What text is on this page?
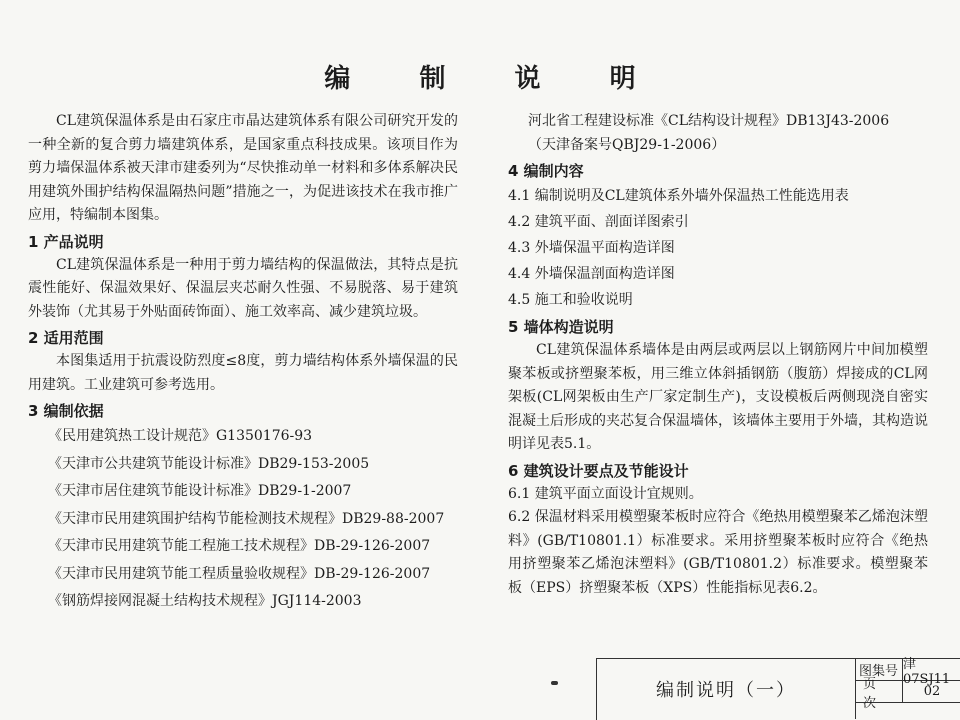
编 制 说 明

CL建筑保温体系是由石家庄市晶达建筑体系有限公司研究开发的一种全新的复合剪力墙建筑体系，是国家重点科技成果。该项目作为剪力墙保温体系被天津市建委列为“尽快推动单一材料和多体系解决民用建筑外围护结构保温隔热问题”措施之一，为促进该技术在我市推广应用，特编制本图集。

1 产品说明

CL建筑保温体系是一种用于剪力墙结构的保温做法，其特点是抗震性能好、保温效果好、保温层夹芯耐久性强、不易脱落、易于建筑外装饰（尤其易于外贴面砖饰面）、施工效率高、减少建筑垃圾。

2 适用范围

本图集适用于抗震设防烈度≤8度，剪力墙结构体系外墙保温的民用建筑。工业建筑可参考选用。

3 编制依据
《民用建筑热工设计规范》G1350176-93
《天津市公共建筑节能设计标准》DB29-153-2005
《天津市居住建筑节能设计标准》DB29-1-2007
《天津市民用建筑围护结构节能检测技术规程》DB29-88-2007
《天津市民用建筑节能工程施工技术规程》DB-29-126-2007
《天津市民用建筑节能工程质量验收规程》DB-29-126-2007
《钢筋焊接网混凝土结构技术规程》JGJ114-2003
河北省工程建设标准《CL结构设计规程》DB13J43-2006
（天津备案号QBJ29-1-2006）
4 编制内容
4.1 编制说明及CL建筑体系外墙外保温热工性能选用表
4.2 建筑平面、剖面详图索引
4.3 外墙保温平面构造详图
4.4 外墙保温剖面构造详图
4.5 施工和验收说明
5 墙体构造说明

CL建筑保温体系墙体是由两层或两层以上钢筋网片中间加模塑聚苯板或挤塑聚苯板，用三维立体斜插钢筋（腹筋）焊接成的CL网架板(CL网架板由生产厂家定制生产)，支设模板后两侧现浇自密实混凝土后形成的夹芯复合保温墙体，该墙体主要用于外墙，其构造说明详见表5.1。

6 建筑设计要点及节能设计

6.1 建筑平面立面设计宜规则。

6.2 保温材料采用模塑聚苯板时应符合《绝热用模塑聚苯乙烯泡沫塑料》(GB/T10801.1）标准要求。采用挤塑聚苯板时应符合《绝热用挤塑聚苯乙烯泡沫塑料》(GB/T10801.2）标准要求。模塑聚苯板（EPS）挤塑聚苯板（XPS）性能指标见表6.2。

编制说明（一）
图集号 津07SJ11
页次
02
